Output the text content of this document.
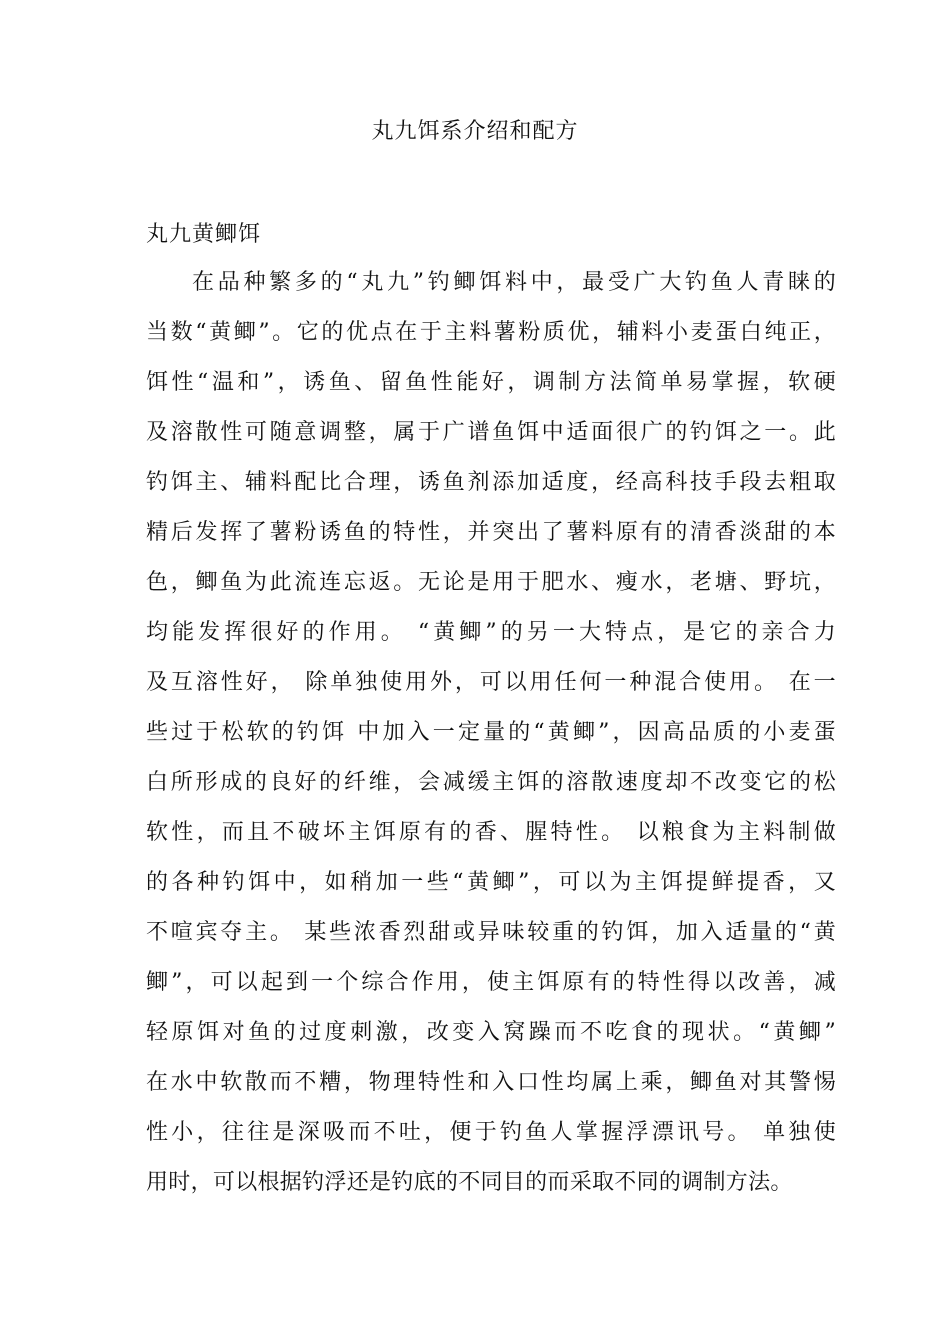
丸九饵系介绍和配方
丸九黄鲫饵
在品种繁多的“丸九”钓鲫饵料中，最受广大钓鱼人青睐的
当数“黄鲫”。它的优点在于主料薯粉质优，辅料小麦蛋白纯正，
饵性“温和”，诱鱼、留鱼性能好，调制方法简单易掌握，软硬
及溶散性可随意调整，属于广谱鱼饵中适面很广的钓饵之一。此
钓饵主、辅料配比合理，诱鱼剂添加适度，经高科技手段去粗取
精后发挥了薯粉诱鱼的特性，并突出了薯料原有的清香淡甜的本
色，鲫鱼为此流连忘返。无论是用于肥水、瘦水，老塘、野坑，
均能发挥很好的作用。 “黄鲫”的另一大特点，是它的亲合力
及互溶性好， 除单独使用外，可以用任何一种混合使用。 在一
些过于松软的钓饵 中加入一定量的“黄鲫”，因高品质的小麦蛋
白所形成的良好的纤维，会减缓主饵的溶散速度却不改变它的松
软性，而且不破坏主饵原有的香、腥特性。 以粮食为主料制做
的各种钓饵中，如稍加一些“黄鲫”，可以为主饵提鲜提香，又
不喧宾夺主。 某些浓香烈甜或异味较重的钓饵，加入适量的“黄
鲫”，可以起到一个综合作用，使主饵原有的特性得以改善，减
轻原饵对鱼的过度刺激，改变入窝躁而不吃食的现状。“黄鲫”
在水中软散而不糟，物理特性和入口性均属上乘，鲫鱼对其警惕
性小，往往是深吸而不吐，便于钓鱼人掌握浮漂讯号。 单独使
用时，可以根据钓浮还是钓底的不同目的而采取不同的调制方法。
